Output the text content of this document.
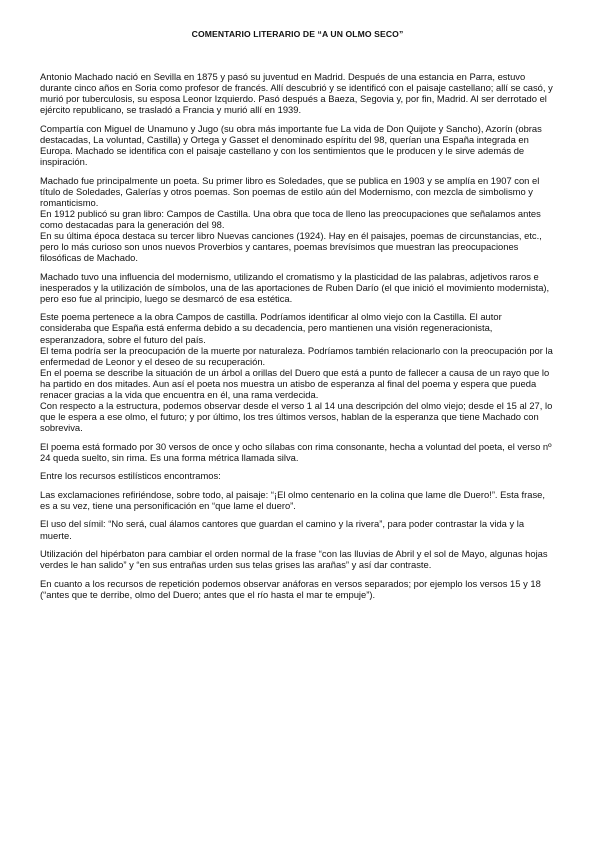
COMENTARIO LITERARIO DE “A UN OLMO SECO”

Antonio Machado nació en Sevilla en 1875 y pasó su juventud en Madrid. Después de una estancia en Parra, estuvo durante cinco años en Soria como profesor de francés. Allí descubrió y se identificó con el paisaje castellano; allí se casó, y murió por tuberculosis, su esposa Leonor Izquierdo. Pasó después a Baeza, Segovia y, por fin, Madrid. Al ser derrotado el ejército republicano, se trasladó a Francia y murió allí en 1939.

Compartía con Miguel de Unamuno y Jugo (su obra más importante fue La vida de Don Quijote y Sancho), Azorín (obras destacadas, La voluntad, Castilla) y Ortega y Gasset el denominado espíritu del 98, querían una España integrada en Europa. Machado se identifica con el paisaje castellano y con los sentimientos que le producen y le sirve además de inspiración.

Machado fue principalmente un poeta. Su primer libro es Soledades, que se publica en 1903 y se amplía en 1907 con el título de Soledades, Galerías y otros poemas. Son poemas de estilo aún del Modernismo, con mezcla de simbolismo y romanticismo.

En 1912 publicó su gran libro: Campos de Castilla. Una obra que toca de lleno las preocupaciones que señalamos antes como destacadas para la generación del 98.

En su última época destaca su tercer libro Nuevas canciones (1924). Hay en él paisajes, poemas de circunstancias, etc., pero lo más curioso son unos nuevos Proverbios y cantares, poemas brevísimos que muestran las preocupaciones filosóficas de Machado.

Machado tuvo una influencia del modernismo, utilizando el cromatismo y la plasticidad de las palabras, adjetivos raros e inesperados y la utilización de símbolos, una de las aportaciones de Ruben Darío (el que inició el movimiento modernista), pero eso fue al principio, luego se desmarcó de esa estética.

Este poema pertenece a la obra Campos de castilla. Podríamos identificar al olmo viejo con la Castilla. El autor consideraba que España está enferma debido a su decadencia, pero mantienen una visión regeneracionista, esperanzadora, sobre el futuro del país.

El tema podría ser la preocupación de la muerte por naturaleza. Podríamos también relacionarlo con la preocupación por la enfermedad de Leonor y el deseo de su recuperación.

En el poema se describe la situación de un árbol a orillas del Duero que está a punto de fallecer a causa de un rayo que lo ha partido en dos mitades. Aun así el poeta nos muestra un atisbo de esperanza al final del poema y espera que pueda renacer gracias a la vida que encuentra en él, una rama verdecida.

Con respecto a la estructura, podemos observar desde el verso 1 al 14 una descripción del olmo viejo; desde el 15 al 27, lo que le espera a ese olmo, el futuro; y por último, los tres últimos versos, hablan de la esperanza que tiene Machado con sobreviva.

El poema está formado por 30 versos de once y ocho sílabas con rima consonante, hecha a voluntad del poeta, el verso nº 24 queda suelto, sin rima. Es una forma métrica llamada silva.

Entre los recursos estilísticos encontramos:

Las exclamaciones refiriéndose, sobre todo, al paisaje: “¡El olmo centenario en la colina que lame dle Duero!”. Esta frase, es a su vez, tiene una personificación en “que lame el duero”.

El uso del símil: “No será, cual álamos cantores que guardan el camino y la rivera”, para poder contrastar la vida y la muerte.

Utilización del hipérbaton para cambiar el orden normal de la frase “con las lluvias de Abril y el sol de Mayo, algunas hojas verdes le han salido” y “en sus entrañas urden sus telas grises las arañas” y así dar contraste.

En cuanto a los recursos de repetición podemos observar anáforas en versos separados; por ejemplo los versos 15 y 18 (“antes que te derribe, olmo del Duero; antes que el río hasta el mar te empuje”).
